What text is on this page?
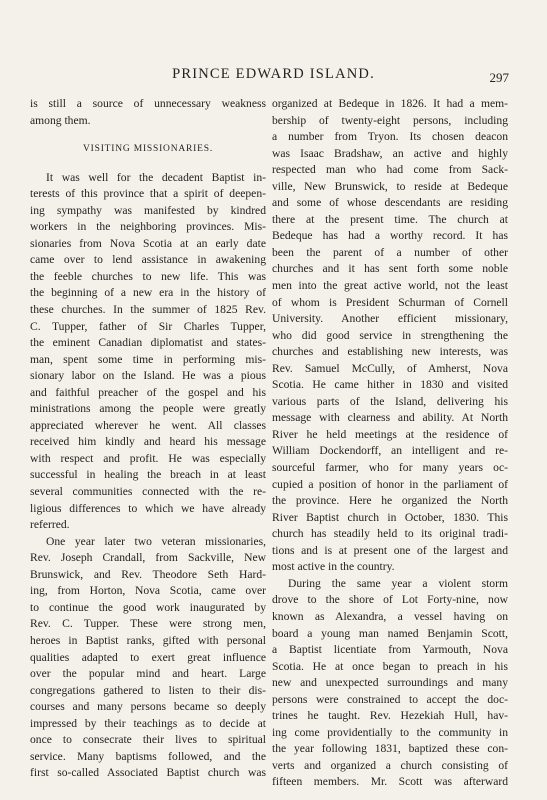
PRINCE EDWARD ISLAND.	297
is still a source of unnecessary weakness
among them.
VISITING MISSIONARIES.
It was well for the decadent Baptist in-
terests of this province that a spirit of deepen-
ing sympathy was manifested by kindred
workers in the neighboring provinces. Mis-
sionaries from Nova Scotia at an early date
came over to lend assistance in awakening
the feeble churches to new life. This was
the beginning of a new era in the history of
these churches. In the summer of 1825 Rev.
C. Tupper, father of Sir Charles Tupper,
the eminent Canadian diplomatist and states-
man, spent some time in performing mis-
sionary labor on the Island. He was a pious
and faithful preacher of the gospel and his
ministrations among the people were greatly
appreciated wherever he went. All classes
received him kindly and heard his message
with respect and profit. He was especially
successful in healing the breach in at least
several communities connected with the re-
ligious differences to which we have already
referred.
One year later two veteran missionaries,
Rev. Joseph Crandall, from Sackville, New
Brunswick, and Rev. Theodore Seth Hard-
ing, from Horton, Nova Scotia, came over
to continue the good work inaugurated by
Rev. C. Tupper. These were strong men,
heroes in Baptist ranks, gifted with personal
qualities adapted to exert great influence
over the popular mind and heart. Large
congregations gathered to listen to their dis-
courses and many persons became so deeply
impressed by their teachings as to decide at
once to consecrate their lives to spiritual
service. Many baptisms followed, and the
first so-called Associated Baptist church was
organized at Bedeque in 1826. It had a mem-
bership of twenty-eight persons, including
a number from Tryon. Its chosen deacon
was Isaac Bradshaw, an active and highly
respected man who had come from Sack-
ville, New Brunswick, to reside at Bedeque
and some of whose descendants are residing
there at the present time. The church at
Bedeque has had a worthy record. It has
been the parent of a number of other
churches and it has sent forth some noble
men into the great active world, not the least
of whom is President Schurman of Cornell
University. Another efficient missionary,
who did good service in strengthening the
churches and establishing new interests, was
Rev. Samuel McCully, of Amherst, Nova
Scotia. He came hither in 1830 and visited
various parts of the Island, delivering his
message with clearness and ability. At North
River he held meetings at the residence of
William Dockendorff, an intelligent and re-
sourceful farmer, who for many years oc-
cupied a position of honor in the parliament of
the province. Here he organized the North
River Baptist church in October, 1830. This
church has steadily held to its original tradi-
tions and is at present one of the largest and
most active in the country.
During the same year a violent storm
drove to the shore of Lot Forty-nine, now
known as Alexandra, a vessel having on
board a young man named Benjamin Scott,
a Baptist licentiate from Yarmouth, Nova
Scotia. He at once began to preach in his
new and unexpected surroundings and many
persons were constrained to accept the doc-
trines he taught. Rev. Hezekiah Hull, hav-
ing come providentially to the community in
the year following 1831, baptized these con-
verts and organized a church consisting of
fifteen members. Mr. Scott was afterward
